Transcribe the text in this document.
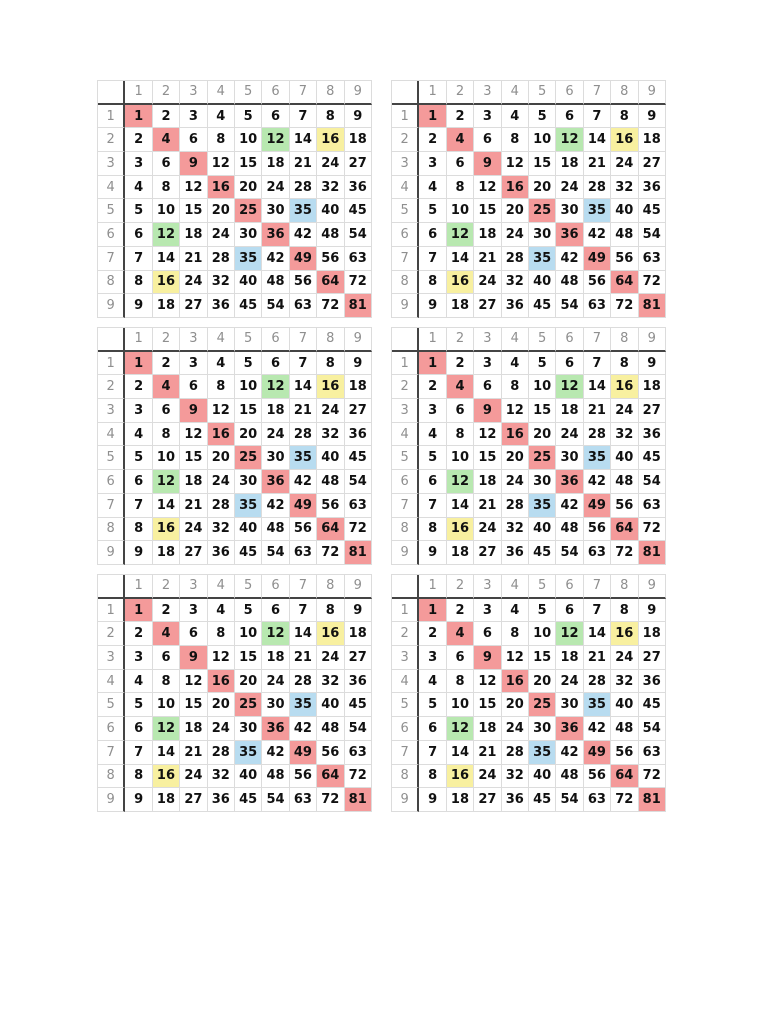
1	2	3	4	5	6	7	8	9
1	1	2	3	4	5	6	7	8	9
2	2	4	6	8	10 12 14 16 18
3	3	6	9	12 15 18 21 24 27
4	4	8	12 16 20 24 28 32 36
5	5	10 15 20 25 30 35 40 45
6	6	12 18 24 30 36 42 48 54
7	7	14 21 28 35 42 49 56 63
8	8	16 24 32 40 48 56 64 72
9	9	18 27 36 45 54 63 72 81
1	2	3	4	5	6	7	8	9
1	1	2	3	4	5	6	7	8	9
2	2	4	6	8	10 12 14 16 18
3	3	6	9	12 15 18 21 24 27
4	4	8	12 16 20 24 28 32 36
5	5	10 15 20 25 30 35 40 45
6	6	12 18 24 30 36 42 48 54
7	7	14 21 28 35 42 49 56 63
8	8	16 24 32 40 48 56 64 72
9	9	18 27 36 45 54 63 72 81
1	2	3	4	5	6	7	8	9
1	1	2	3	4	5	6	7	8	9
2	2	4	6	8	10 12 14 16 18
3	3	6	9	12 15 18 21 24 27
4	4	8	12 16 20 24 28 32 36
5	5	10 15 20 25 30 35 40 45
6	6	12 18 24 30 36 42 48 54
7	7	14 21 28 35 42 49 56 63
8	8	16 24 32 40 48 56 64 72
9	9	18 27 36 45 54 63 72 81
1	2	3	4	5	6	7	8	9
1	1	2	3	4	5	6	7	8	9
2	2	4	6	8	10 12 14 16 18
3	3	6	9	12 15 18 21 24 27
4	4	8	12 16 20 24 28 32 36
5	5	10 15 20 25 30 35 40 45
6	6	12 18 24 30 36 42 48 54
7	7	14 21 28 35 42 49 56 63
8	8	16 24 32 40 48 56 64 72
9	9	18 27 36 45 54 63 72 81
1	2	3	4	5	6	7	8	9
1	1	2	3	4	5	6	7	8	9
2	2	4	6	8	10 12 14 16 18
3	3	6	9	12 15 18 21 24 27
4	4	8	12 16 20 24 28 32 36
5	5	10 15 20 25 30 35 40 45
6	6	12 18 24 30 36 42 48 54
7	7	14 21 28 35 42 49 56 63
8	8	16 24 32 40 48 56 64 72
9	9	18 27 36 45 54 63 72 81
1	2	3	4	5	6	7	8	9
1	1	2	3	4	5	6	7	8	9
2	2	4	6	8	10 12 14 16 18
3	3	6	9	12 15 18 21 24 27
4	4	8	12 16 20 24 28 32 36
5	5	10 15 20 25 30 35 40 45
6	6	12 18 24 30 36 42 48 54
7	7	14 21 28 35 42 49 56 63
8	8	16 24 32 40 48 56 64 72
9	9	18 27 36 45 54 63 72 81
